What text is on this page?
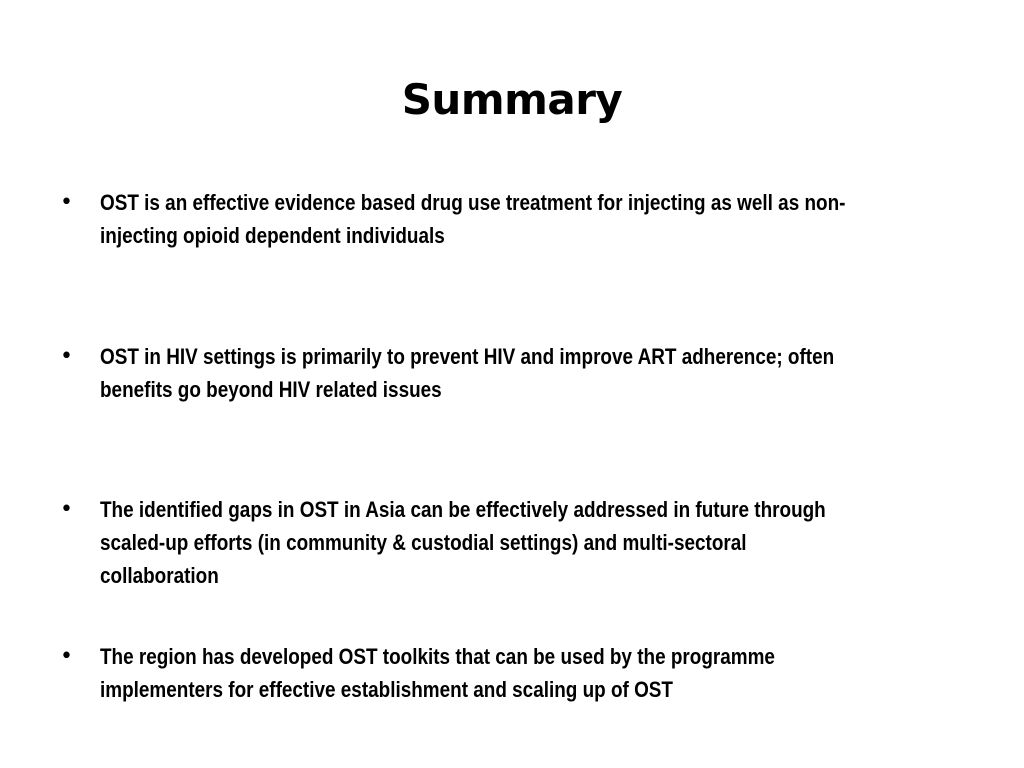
Summary
•	OST is an effective evidence based drug use treatment for injecting as well as non-injecting opioid dependent individuals
•	OST in HIV settings is primarily to prevent HIV and improve ART adherence; often benefits go beyond HIV related issues
•	The identified gaps in OST in Asia can be effectively addressed in future through scaled-up efforts (in community & custodial settings) and multi-sectoral collaboration
•	The region has developed OST toolkits that can be used by the programme implementers for effective establishment and scaling up of OST
